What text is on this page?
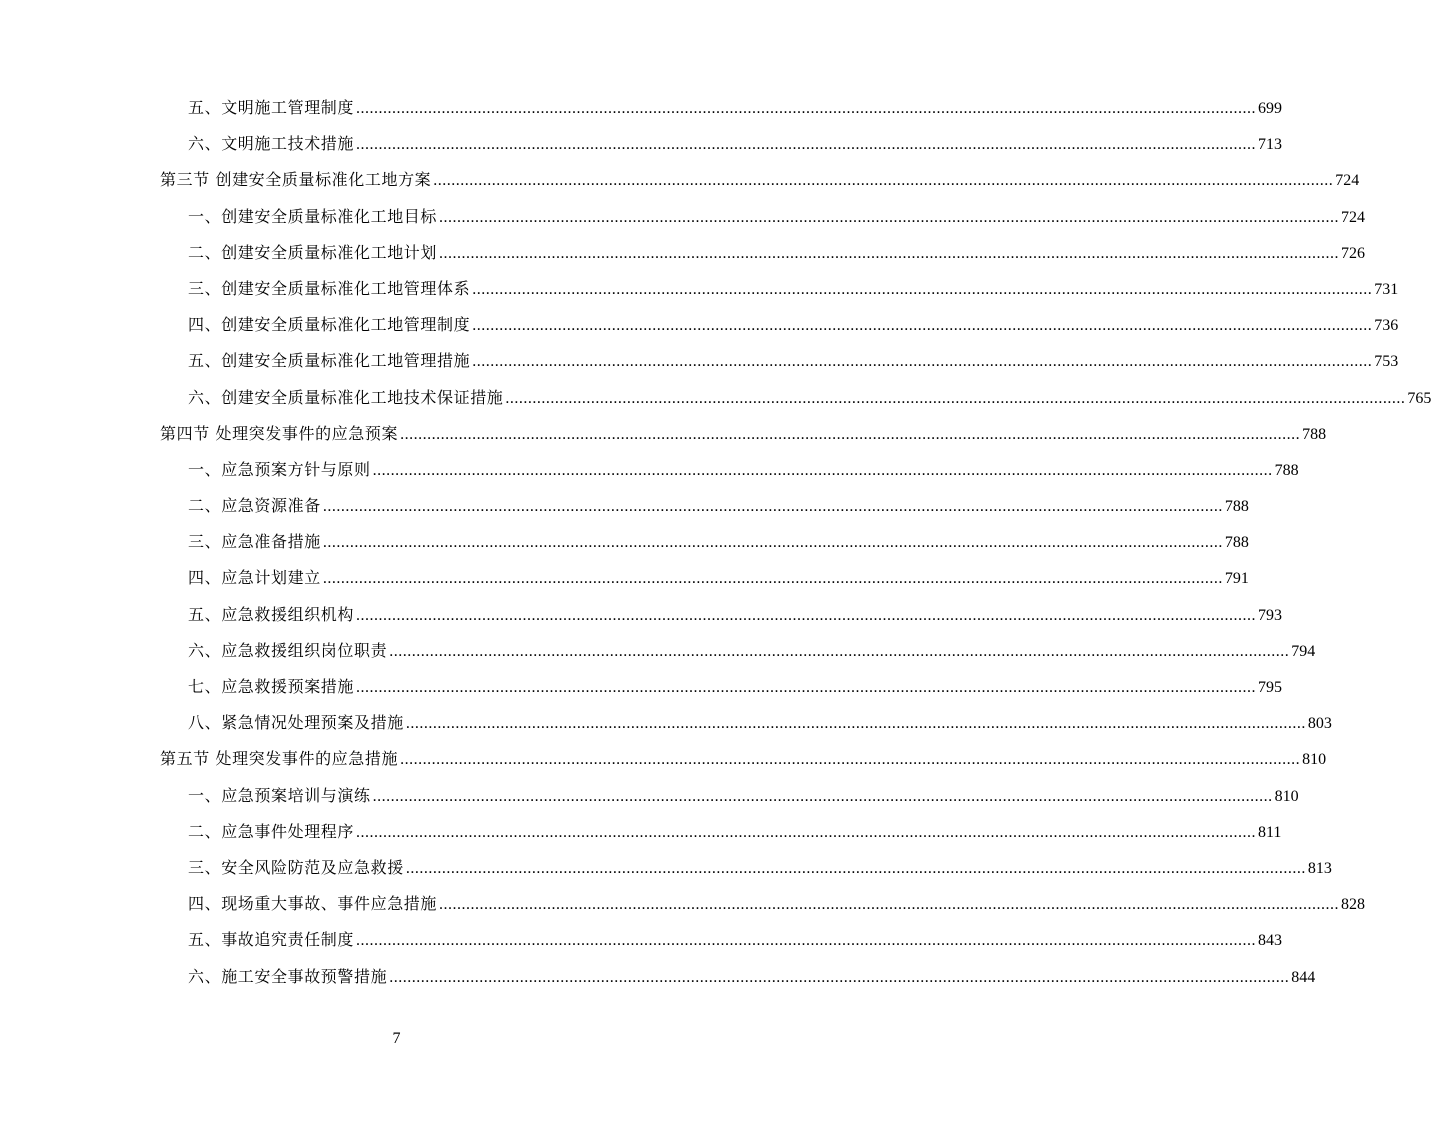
五、文明施工管理制度 ........................................................................................................................................................................................................ 699
六、文明施工技术措施 ........................................................................................................................................................................................................ 713
第三节 创建安全质量标准化工地方案 ........................................................................................................................................................................................................ 724
一、创建安全质量标准化工地目标 ........................................................................................................................................................................................................ 724
二、创建安全质量标准化工地计划 ........................................................................................................................................................................................................ 726
三、创建安全质量标准化工地管理体系 ........................................................................................................................................................................................................ 731
四、创建安全质量标准化工地管理制度 ........................................................................................................................................................................................................ 736
五、创建安全质量标准化工地管理措施 ........................................................................................................................................................................................................ 753
六、创建安全质量标准化工地技术保证措施 ........................................................................................................................................................................................................ 765
第四节 处理突发事件的应急预案 ........................................................................................................................................................................................................ 788
一、应急预案方针与原则 ........................................................................................................................................................................................................ 788
二、应急资源准备 ........................................................................................................................................................................................................ 788
三、应急准备措施 ........................................................................................................................................................................................................ 788
四、应急计划建立 ........................................................................................................................................................................................................ 791
五、应急救援组织机构 ........................................................................................................................................................................................................ 793
六、应急救援组织岗位职责 ........................................................................................................................................................................................................ 794
七、应急救援预案措施 ........................................................................................................................................................................................................ 795
八、紧急情况处理预案及措施 ........................................................................................................................................................................................................ 803
第五节 处理突发事件的应急措施 ........................................................................................................................................................................................................ 810
一、应急预案培训与演练 ........................................................................................................................................................................................................ 810
二、应急事件处理程序 ........................................................................................................................................................................................................ 811
三、安全风险防范及应急救援 ........................................................................................................................................................................................................ 813
四、现场重大事故、事件应急措施 ........................................................................................................................................................................................................ 828
五、事故追究责任制度 ........................................................................................................................................................................................................ 843
六、施工安全事故预警措施 ........................................................................................................................................................................................................ 844
7
